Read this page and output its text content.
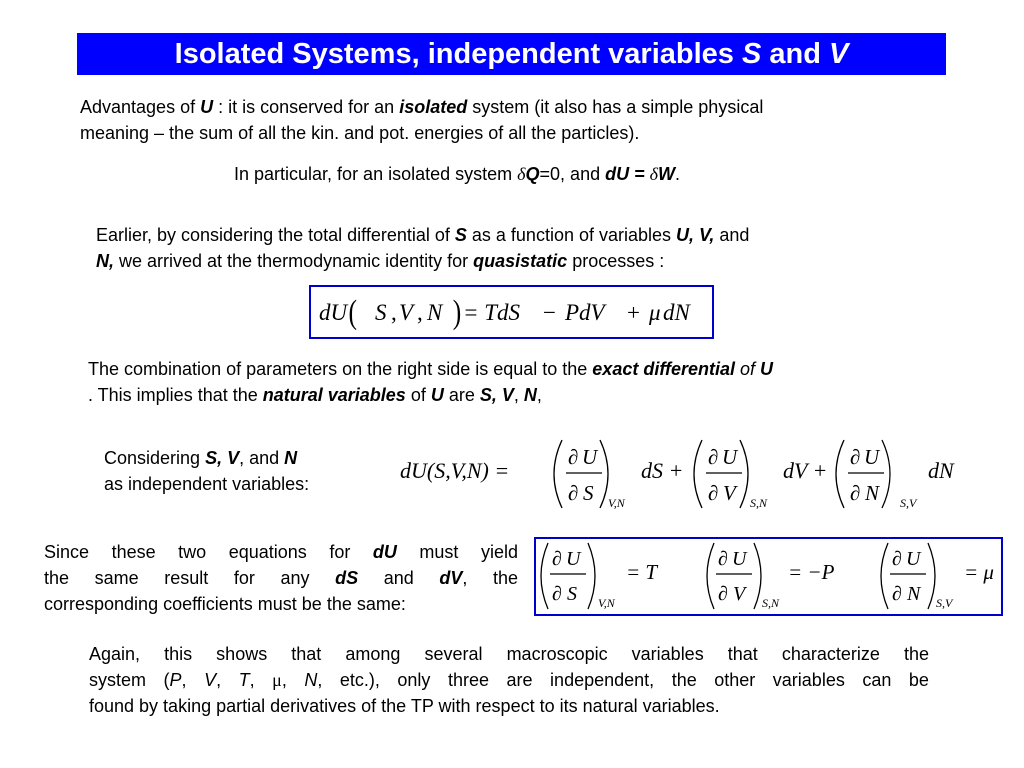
Isolated Systems, independent variables S and V
Advantages of U : it is conserved for an isolated system (it also has a simple physical
meaning – the sum of all the kin. and pot. energies of all the particles).
In particular, for an isolated system δQ=0, and dU = δW.
Earlier, by considering the total differential of S as a function of variables U, V, and
N, we arrived at the thermodynamic identity for quasistatic processes :
dU ( S , V , N ) = TdS − PdV + μ dN
The combination of parameters on the right side is equal to the exact differential of U
. This implies that the natural variables of U are S, V, N,
Considering S, V, and N
as independent variables:
dU(S,V,N) =
∂ U
∂ S V,N
dS +
∂ U
∂ V S,N
dV +
∂ U
∂ N S,V
dN
Since these two equations for dU must yield
the same result for any dS and dV, the
corresponding coefficients must be the same:
∂ U
∂ S V,N
= T
∂ U
∂ V S,N
= −P
∂ U
∂ N S,V
= μ
Again, this shows that among several macroscopic variables that characterize the
system (P, V, T, μ, N, etc.), only three are independent, the other variables can be
found by taking partial derivatives of the TP with respect to its natural variables.
